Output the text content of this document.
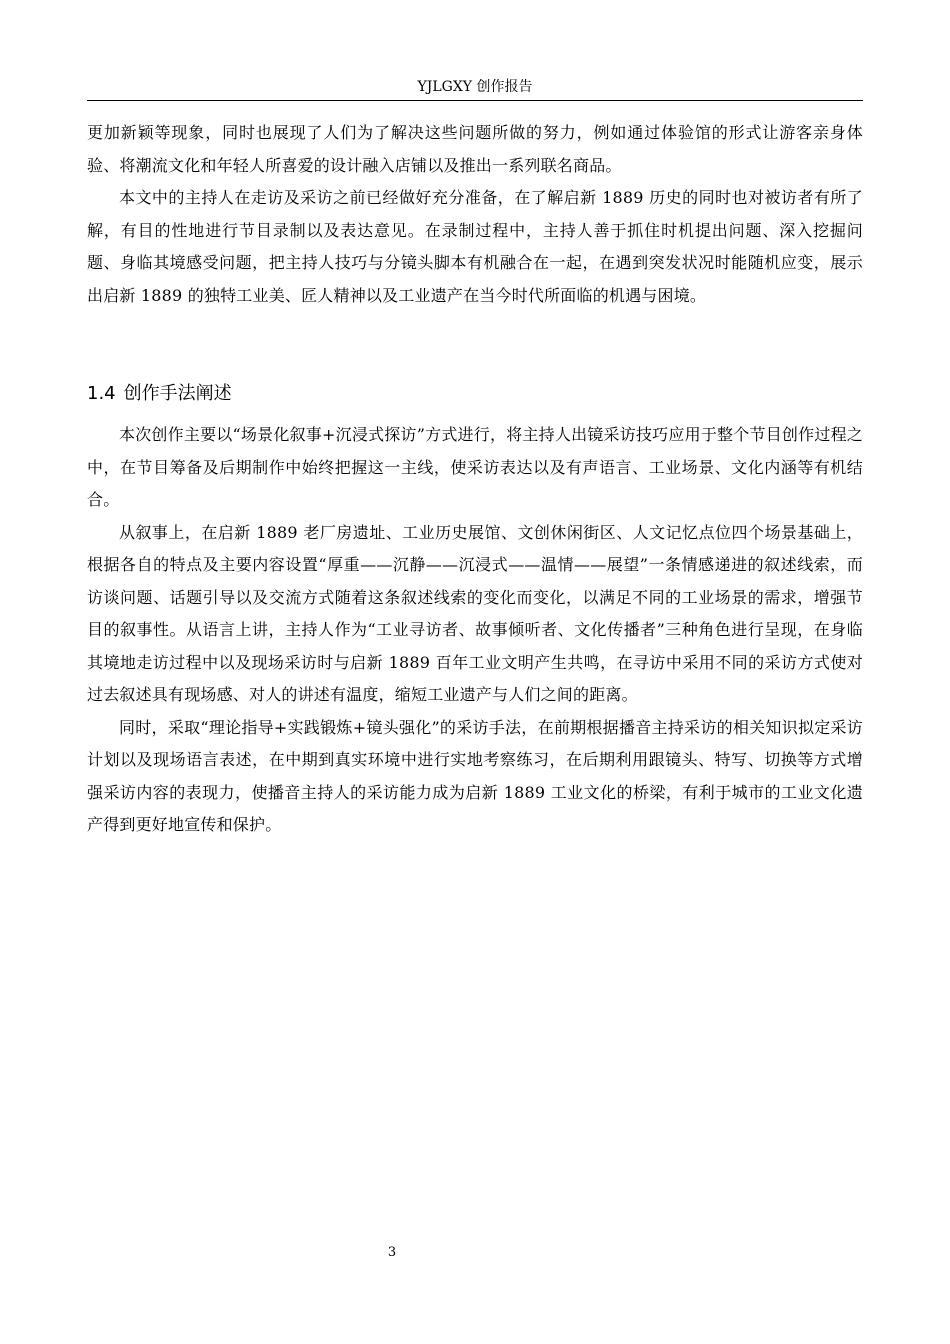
YJLGXY 创作报告

更加新颖等现象，同时也展现了人们为了解决这些问题所做的努力，例如通过体验馆的形式让游客亲身体验、将潮流文化和年轻人所喜爱的设计融入店铺以及推出一系列联名商品。

本文中的主持人在走访及采访之前已经做好充分准备，在了解启新 1889 历史的同时也对被访者有所了解，有目的性地进行节目录制以及表达意见。在录制过程中，主持人善于抓住时机提出问题、深入挖掘问题、身临其境感受问题，把主持人技巧与分镜头脚本有机融合在一起，在遇到突发状况时能随机应变，展示出启新 1889 的独特工业美、匠人精神以及工业遗产在当今时代所面临的机遇与困境。

1.4 创作手法阐述

本次创作主要以“场景化叙事+沉浸式探访”方式进行，将主持人出镜采访技巧应用于整个节目创作过程之中，在节目筹备及后期制作中始终把握这一主线，使采访表达以及有声语言、工业场景、文化内涵等有机结合。

从叙事上，在启新 1889 老厂房遗址、工业历史展馆、文创休闲街区、人文记忆点位四个场景基础上，根据各自的特点及主要内容设置“厚重——沉静——沉浸式——温情——展望”一条情感递进的叙述线索，而访谈问题、话题引导以及交流方式随着这条叙述线索的变化而变化，以满足不同的工业场景的需求，增强节目的叙事性。从语言上讲，主持人作为“工业寻访者、故事倾听者、文化传播者”三种角色进行呈现，在身临其境地走访过程中以及现场采访时与启新 1889 百年工业文明产生共鸣，在寻访中采用不同的采访方式使对过去叙述具有现场感、对人的讲述有温度，缩短工业遗产与人们之间的距离。

同时，采取“理论指导+实践锻炼+镜头强化”的采访手法，在前期根据播音主持采访的相关知识拟定采访计划以及现场语言表述，在中期到真实环境中进行实地考察练习，在后期利用跟镜头、特写、切换等方式增强采访内容的表现力，使播音主持人的采访能力成为启新 1889 工业文化的桥梁，有利于城市的工业文化遗产得到更好地宣传和保护。

3
